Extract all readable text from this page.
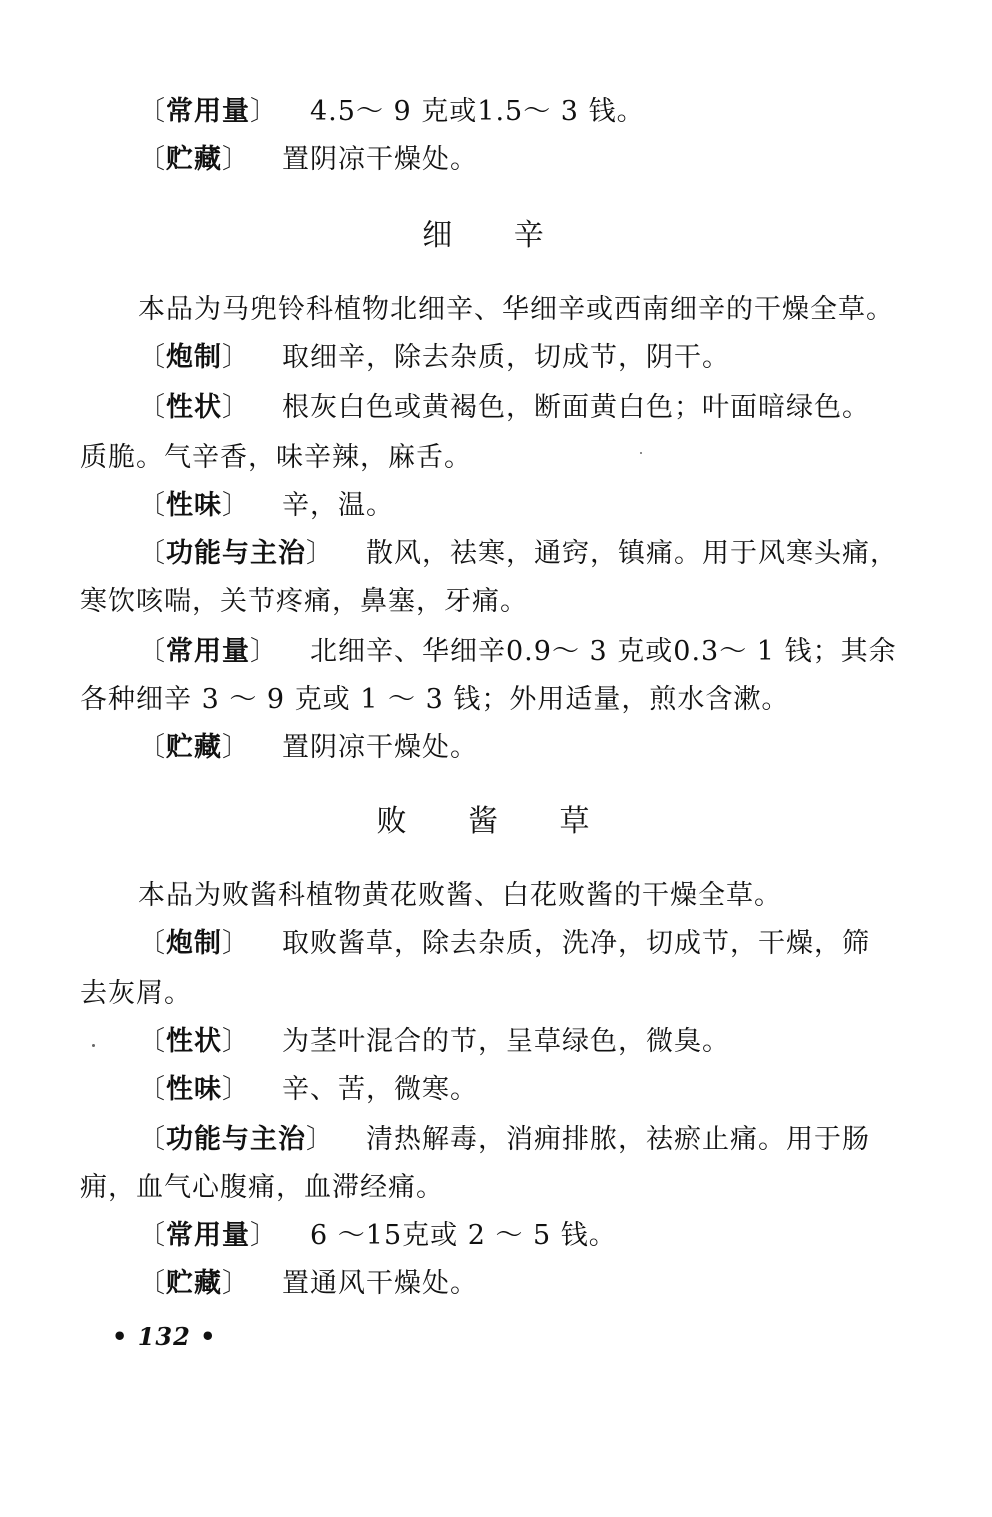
〔常用量〕 4.5～ 9 克或1.5～ 3 钱。
〔贮藏〕 置阴凉干燥处。
细 辛
本品为马兜铃科植物北细辛、华细辛或西南细辛的干燥全草。
〔炮制〕 取细辛，除去杂质，切成节，阴干。
〔性状〕 根灰白色或黄褐色，断面黄白色；叶面暗绿色。
质脆。气辛香，味辛辣，麻舌。
〔性味〕 辛，温。
〔功能与主治〕 散风，祛寒，通窍，镇痛。用于风寒头痛，
寒饮咳喘，关节疼痛，鼻塞，牙痛。
〔常用量〕 北细辛、华细辛0.9～ 3 克或0.3～ 1 钱；其余
各种细辛 3 ～ 9 克或 1 ～ 3 钱；外用适量，煎水含漱。
〔贮藏〕 置阴凉干燥处。
败 酱 草
本品为败酱科植物黄花败酱、白花败酱的干燥全草。
〔炮制〕 取败酱草，除去杂质，洗净，切成节，干燥，筛
去灰屑。
〔性状〕 为茎叶混合的节，呈草绿色，微臭。
〔性味〕 辛、苦，微寒。
〔功能与主治〕 清热解毒，消痈排脓，祛瘀止痛。用于肠
痈，血气心腹痛，血滞经痛。
〔常用量〕 6 ～15克或 2 ～ 5 钱。
〔贮藏〕 置通风干燥处。
• 132 •
